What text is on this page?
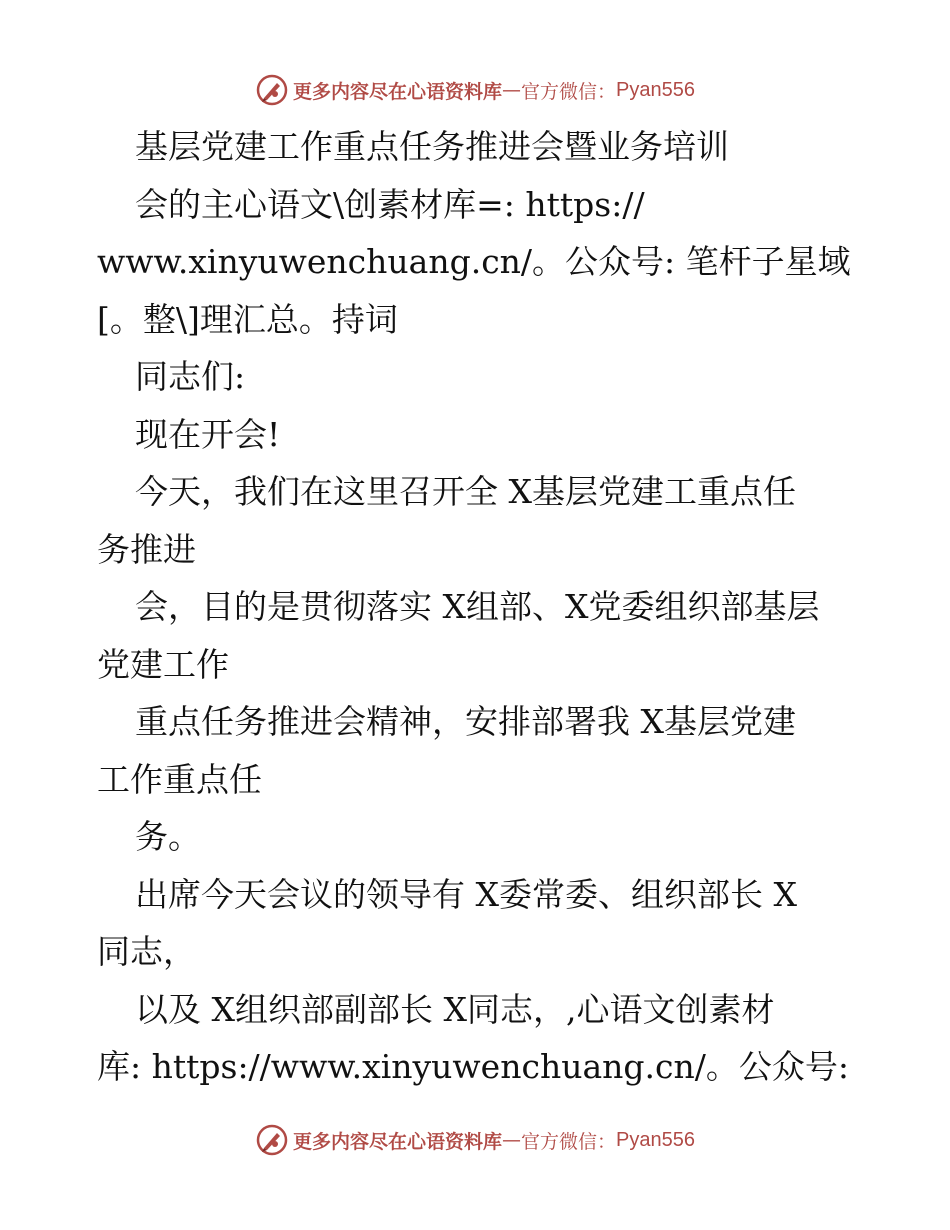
更多内容尽在心语资料库 — 官方微信： Pyan556
基层党建工作重点任务推进会暨业务培训
会的主心语文\创素材库=: https://
www.xinyuwenchuang.cn/。公众号: 笔杆子星域
[。整\]理汇总。持词
同志们:
现在开会!
今天，我们在这里召开全 X基层党建工重点任
务推进
会，目的是贯彻落实 X组部、X党委组织部基层
党建工作
重点任务推进会精神，安排部署我 X基层党建
工作重点任
务。
出席今天会议的领导有 X委常委、组织部长 X
同志，
以及 X组织部副部长 X同志，,心语文创素材
库: https://www.xinyuwenchuang.cn/。公众号:
更多内容尽在心语资料库 — 官方微信： Pyan556
